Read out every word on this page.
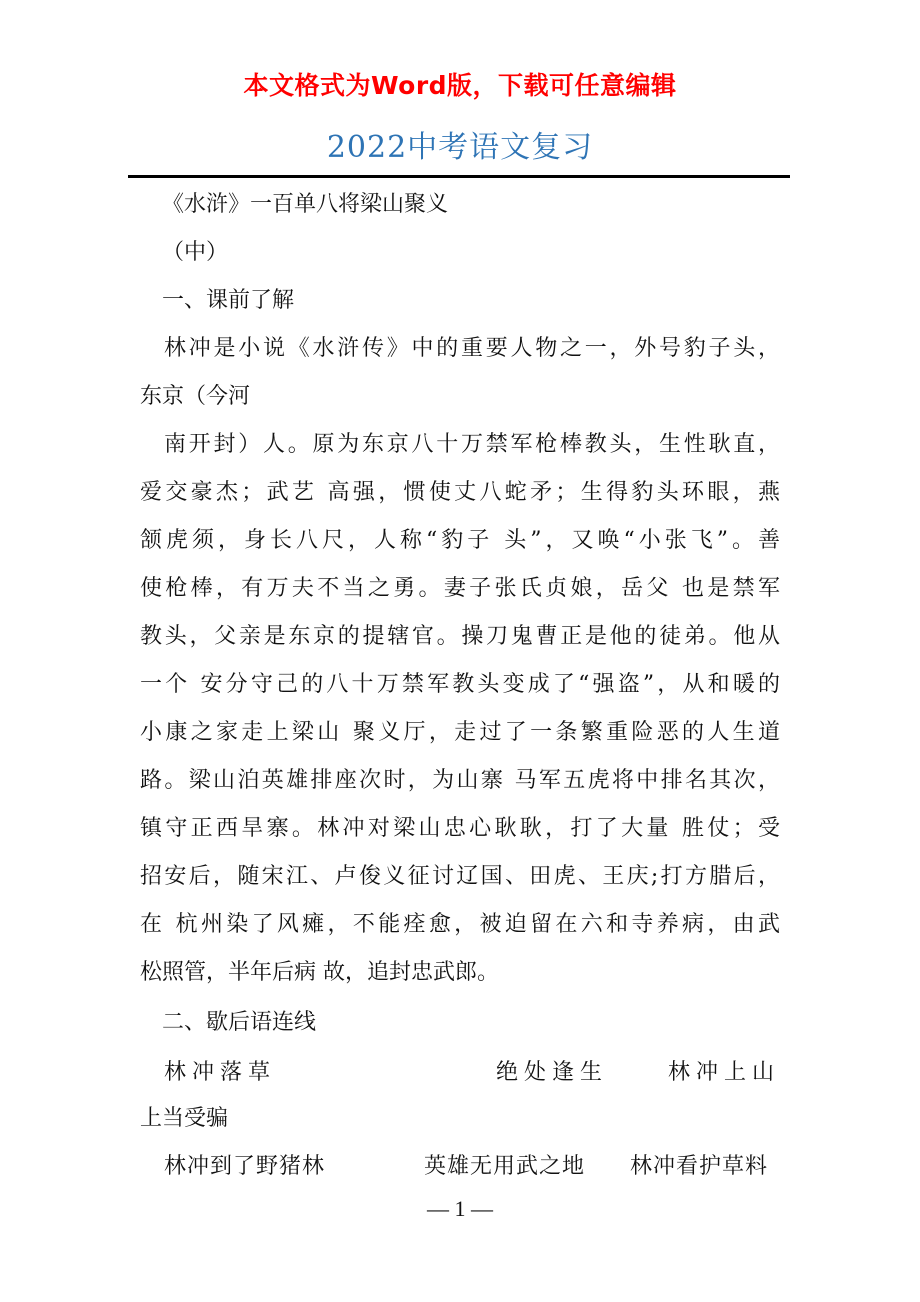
本文格式为Word版，下载可任意编辑
2022中考语文复习
《水浒》一百单八将梁山聚义
（中）
一、课前了解
林冲是小说《水浒传》中的重要人物之一，外号豹子头，
东京（今河
南开封）人。原为东京八十万禁军枪棒教头，生性耿直，
爱交豪杰；武艺 高强，惯使丈八蛇矛；生得豹头环眼，燕
颔虎须，身长八尺，人称“豹子 头”，又唤“小张飞”。善
使枪棒，有万夫不当之勇。妻子张氏贞娘，岳父 也是禁军
教头，父亲是东京的提辖官。操刀鬼曹正是他的徒弟。他从
一个 安分守己的八十万禁军教头变成了“强盗”，从和暖的
小康之家走上梁山 聚义厅，走过了一条繁重险恶的人生道
路。梁山泊英雄排座次时，为山寨 马军五虎将中排名其次，
镇守正西旱寨。林冲对梁山忠心耿耿，打了大量 胜仗；受
招安后，随宋江、卢俊义征讨辽国、田虎、王庆;打方腊后，
在 杭州染了风瘫，不能痊愈，被迫留在六和寺养病，由武
松照管，半年后病 故，追封忠武郎。
二、歇后语连线
林冲落草	绝处逢生	林冲上山
上当受骗
林冲到了野猪林	英雄无用武之地 林冲看护草料
— 1 —
